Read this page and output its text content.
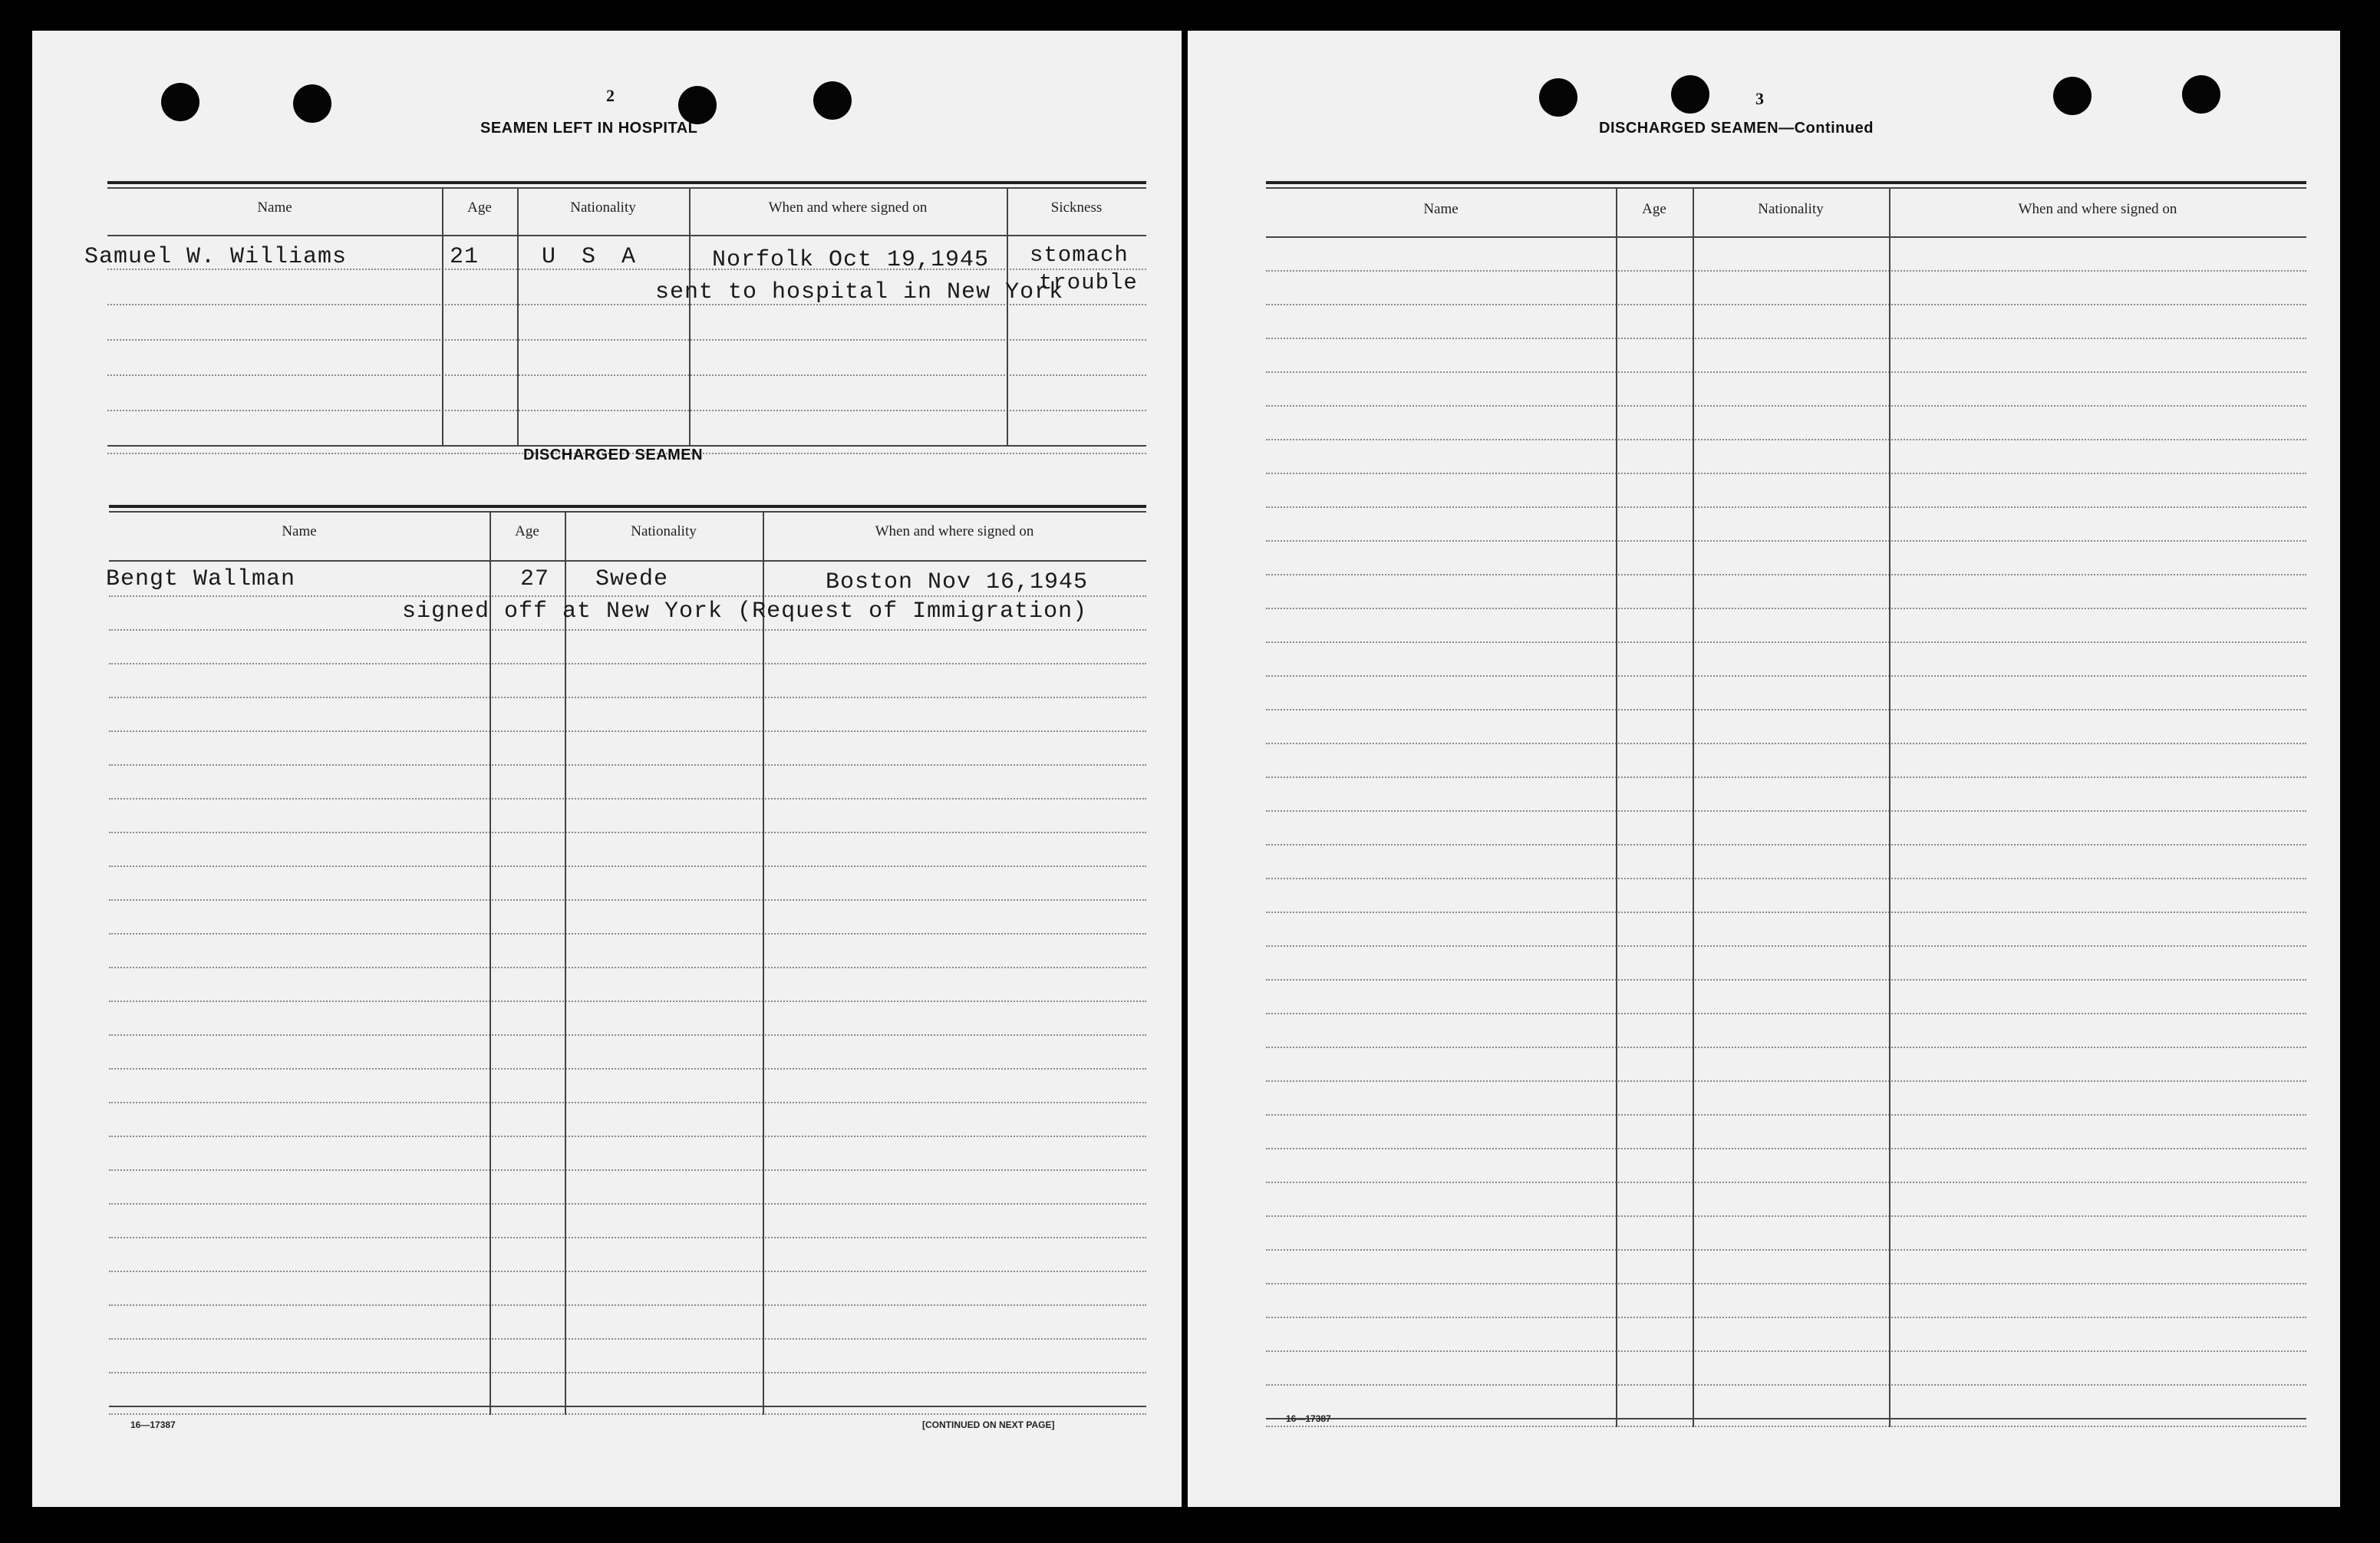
2
SEAMEN LEFT IN HOSPITAL
Name	Age	Nationality	When and where signed on	Sickness
Samuel W. Williams	21	U S A	Norfolk Oct 19,1945 stomach
trouble
sent to hospital in New York
DISCHARGED SEAMEN
Name	Age	Nationality	When and where signed on
Bengt Wallman	27 Swede	Boston Nov 16,1945
signed off at New York (Request of Immigration)
16—17387	[CONTINUED ON NEXT PAGE]
3
DISCHARGED SEAMEN—Continued
Name	Age	Nationality	When and where signed on
16—17387
